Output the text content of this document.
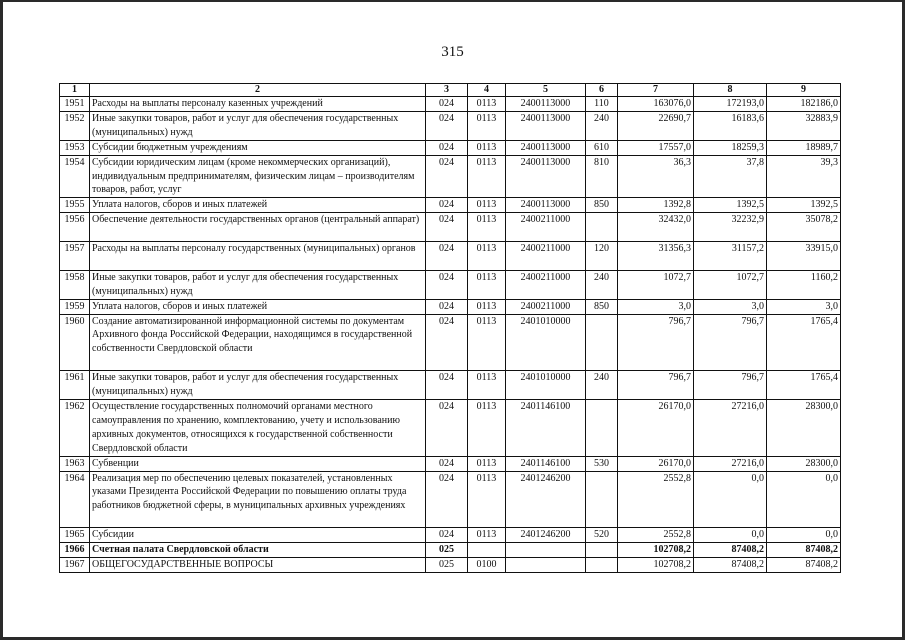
315
1	2	3	4	5	6	7	8	9
1951	Расходы на выплаты персоналу казенных учреждений	024	0113	2400113000	110	163076,0	172193,0	182186,0
1952	Иные закупки товаров, работ и услуг для обеспечения государственных (муниципальных) нужд	024	0113	2400113000	240	22690,7	16183,6	32883,9
1953	Субсидии бюджетным учреждениям	024	0113	2400113000	610	17557,0	18259,3	18989,7
1954	Субсидии юридическим лицам (кроме некоммерческих организаций), индивидуальным предпринимателям, физическим лицам – производителям товаров, работ, услуг	024	0113	2400113000	810	36,3	37,8	39,3
1955	Уплата налогов, сборов и иных платежей	024	0113	2400113000	850	1392,8	1392,5	1392,5
1956	Обеспечение деятельности государственных органов (центральный аппарат)	024	0113	2400211000		32432,0	32232,9	35078,2
1957	Расходы на выплаты персоналу государственных (муниципальных) органов	024	0113	2400211000	120	31356,3	31157,2	33915,0
1958	Иные закупки товаров, работ и услуг для обеспечения государственных (муниципальных) нужд	024	0113	2400211000	240	1072,7	1072,7	1160,2
1959	Уплата налогов, сборов и иных платежей	024	0113	2400211000	850	3,0	3,0	3,0
1960	Создание автоматизированной информационной системы по документам Архивного фонда Российской Федерации, находящимся в государственной собственности Свердловской области	024	0113	2401010000		796,7	796,7	1765,4
1961	Иные закупки товаров, работ и услуг для обеспечения государственных (муниципальных) нужд	024	0113	2401010000	240	796,7	796,7	1765,4
1962	Осуществление государственных полномочий органами местного самоуправления по хранению, комплектованию, учету и использованию архивных документов, относящихся к государственной собственности Свердловской области	024	0113	2401146100		26170,0	27216,0	28300,0
1963	Субвенции	024	0113	2401146100	530	26170,0	27216,0	28300,0
1964	Реализация мер по обеспечению целевых показателей, установленных указами Президента Российской Федерации по повышению оплаты труда работников бюджетной сферы, в муниципальных архивных учреждениях	024	0113	2401246200		2552,8	0,0	0,0
1965	Субсидии	024	0113	2401246200	520	2552,8	0,0	0,0
1966	Счетная палата Свердловской области	025				102708,2	87408,2	87408,2
1967	ОБЩЕГОСУДАРСТВЕННЫЕ ВОПРОСЫ	025	0100			102708,2	87408,2	87408,2
